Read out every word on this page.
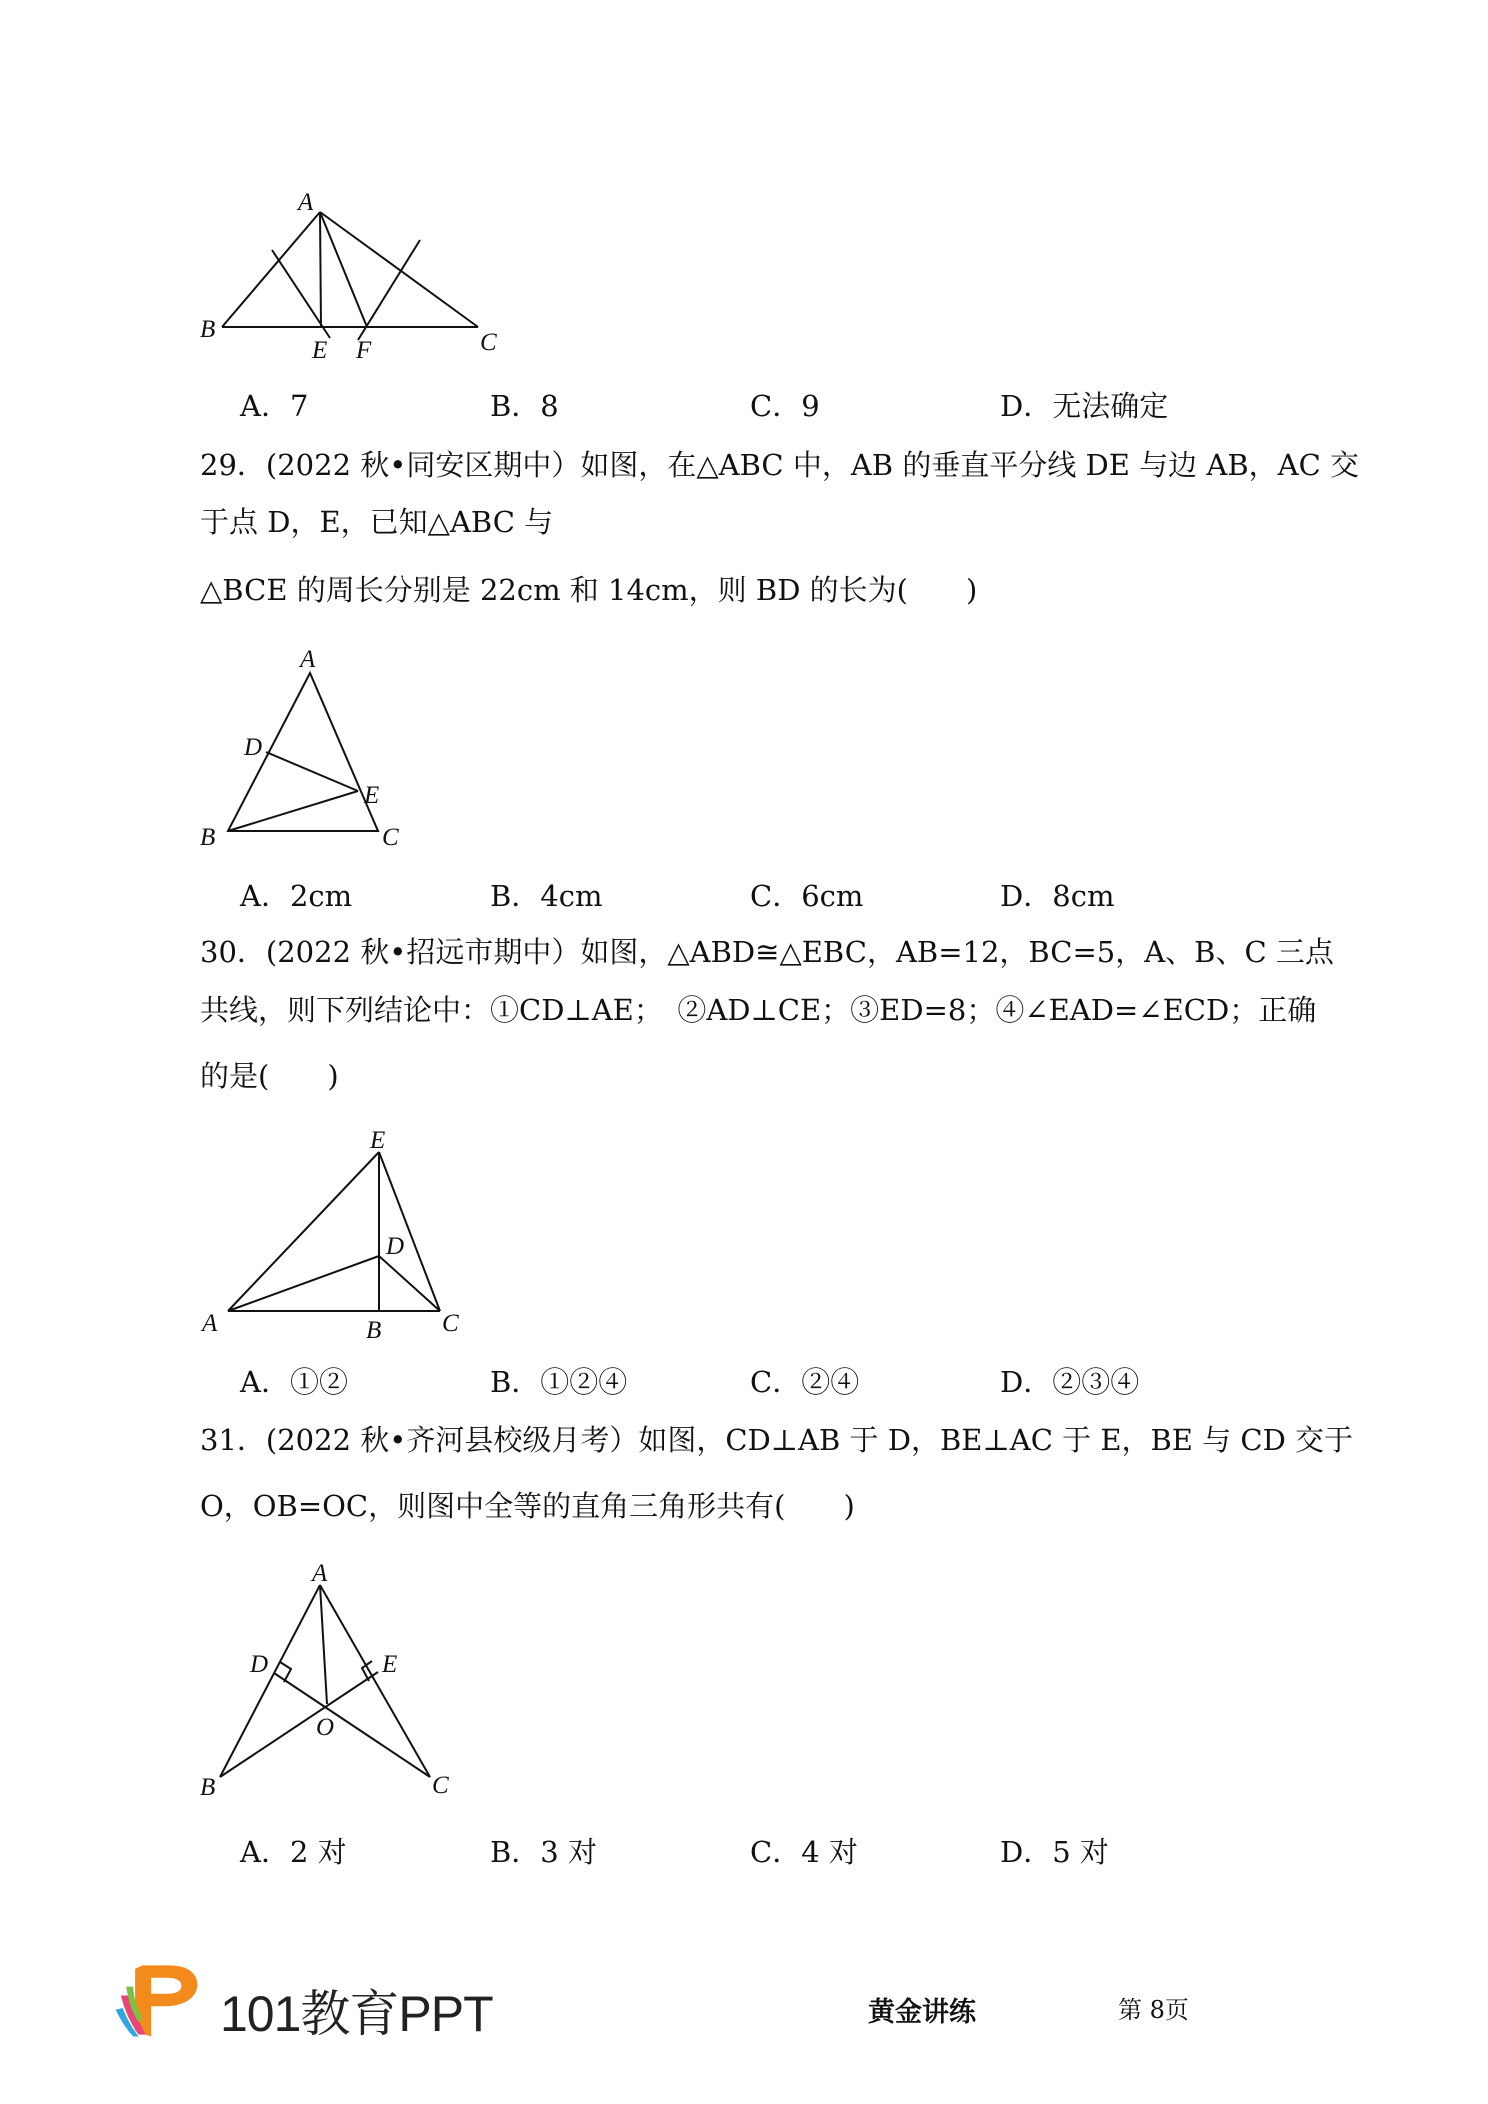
A
B	C
E F
A．7	B．8	C．9	D．无法确定
29．(2022 秋•同安区期中）如图，在△ABC 中，AB 的垂直平分线 DE 与边 AB，AC 交
于点 D，E，已知△ABC 与
△BCE 的周长分别是 22cm 和 14cm，则 BD 的长为(　　)
A
D
E
B	C
A．2cm	B．4cm	C．6cm	D．8cm
30．(2022 秋•招远市期中）如图，△ABD≅△EBC，AB=12，BC=5，A、B、C 三点
共线，则下列结论中：①CD⊥AE；　②AD⊥CE；③ED=8；④∠EAD=∠ECD；正确
的是(　　)
E
D
A	B C
A．①②	B．①②④	C．②④	D．②③④
31．(2022 秋•齐河县校级月考）如图，CD⊥AB 于 D，BE⊥AC 于 E，BE 与 CD 交于
O，OB=OC，则图中全等的直角三角形共有(　　)
A
D	E
O
B	C
A．2 对	B．3 对	C．4 对	D．5 对
101教育PPT	黄金讲练	第 8页
